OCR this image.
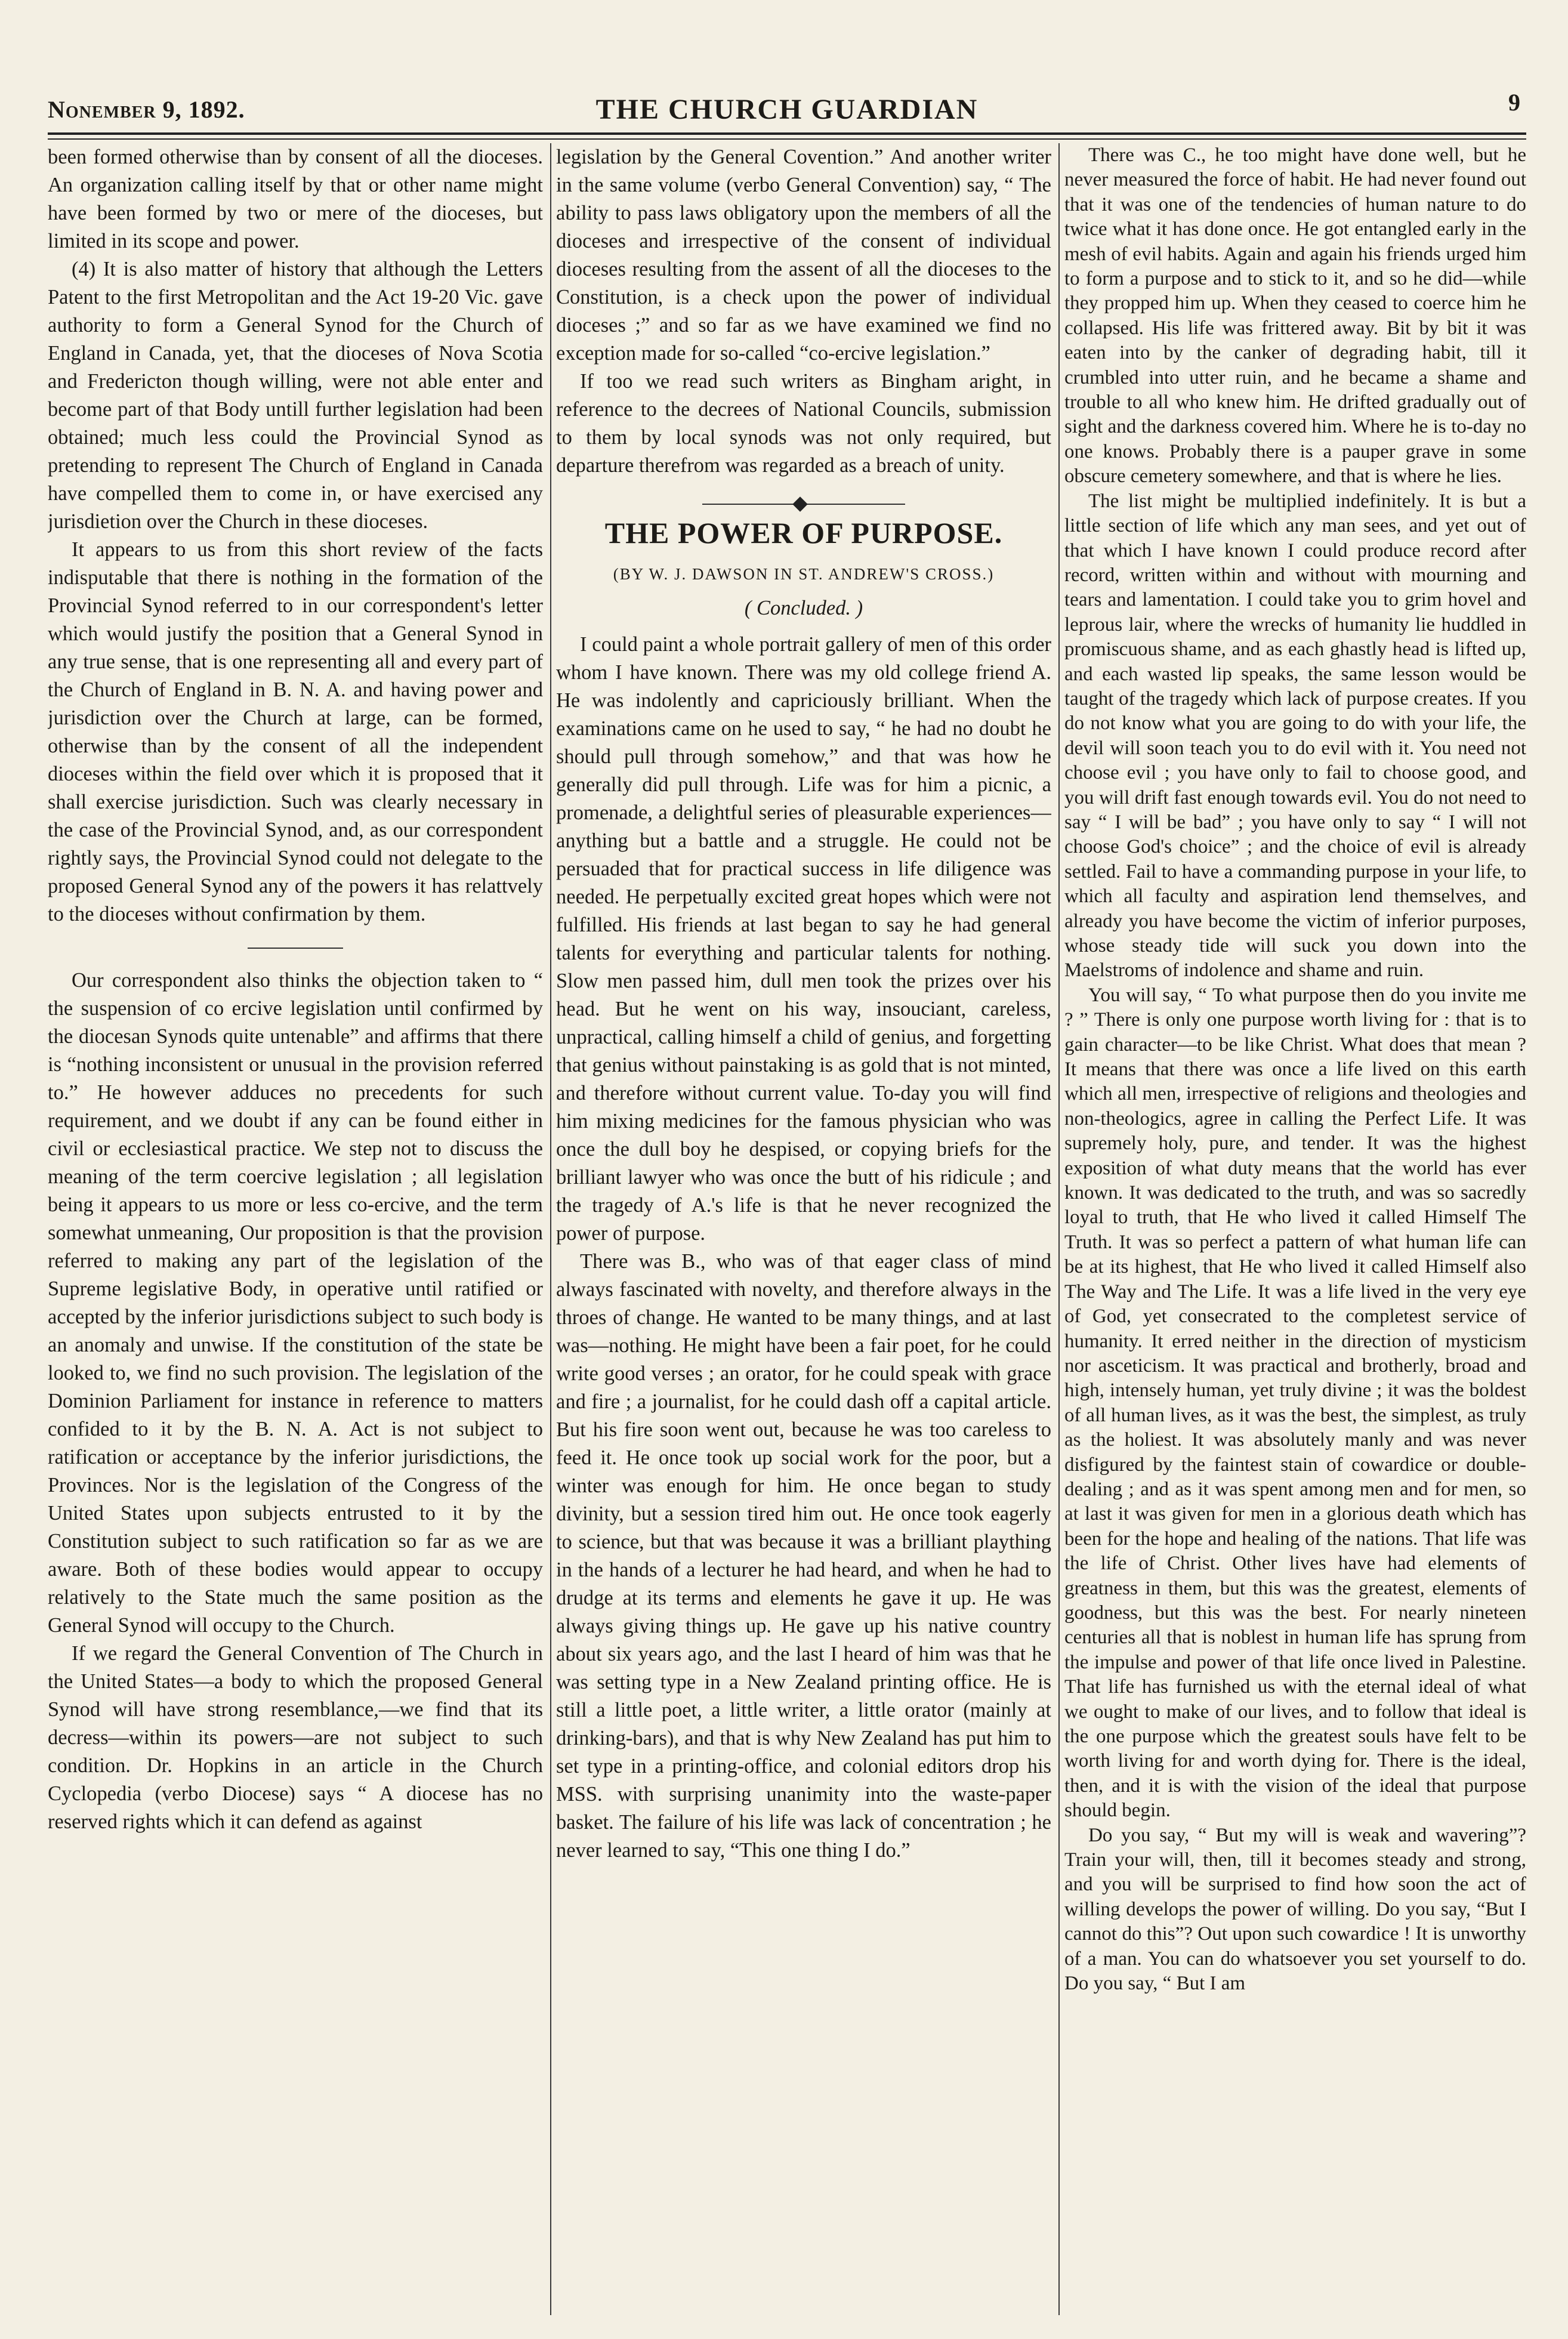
Nonember 9, 1892.	THE CHURCH GUARDIAN	9

been formed otherwise than by consent of all the dioceses. An organization calling itself by that or other name might have been formed by two or mere of the dioceses, but limited in its scope and power.

(4) It is also matter of history that although the Letters Patent to the first Metropolitan and the Act 19-20 Vic. gave authority to form a General Synod for the Church of England in Canada, yet, that the dioceses of Nova Scotia and Fredericton though willing, were not able enter and become part of that Body untill further legislation had been obtained; much less could the Provincial Synod as pretending to represent The Church of England in Canada have compelled them to come in, or have exercised any jurisdietion over the Church in these dioceses.

It appears to us from this short review of the facts indisputable that there is nothing in the formation of the Provincial Synod referred to in our correspondent's letter which would justify the position that a General Synod in any true sense, that is one representing all and every part of the Church of England in B. N. A. and having power and jurisdiction over the Church at large, can be formed, otherwise than by the consent of all the independent dioceses within the field over which it is proposed that it shall exercise jurisdiction. Such was clearly necessary in the case of the Provincial Synod, and, as our correspondent rightly says, the Provincial Synod could not delegate to the proposed General Synod any of the powers it has relattvely to the dioceses without confirmation by them.

Our correspondent also thinks the objection taken to “ the suspension of co ercive legislation until confirmed by the diocesan Synods quite untenable” and affirms that there is “nothing inconsistent or unusual in the provision referred to.” He however adduces no precedents for such requirement, and we doubt if any can be found either in civil or ecclesiastical practice. We step not to discuss the meaning of the term coercive legislation ; all legislation being it appears to us more or less co-ercive, and the term somewhat unmeaning, Our proposition is that the provision referred to making any part of the legislation of the Supreme legislative Body, in operative until ratified or accepted by the inferior jurisdictions subject to such body is an anomaly and unwise. If the constitution of the state be looked to, we find no such provision. The legislation of the Dominion Parliament for instance in reference to matters confided to it by the B. N. A. Act is not subject to ratification or acceptance by the inferior jurisdictions, the Provinces. Nor is the legislation of the Congress of the United States upon subjects entrusted to it by the Constitution subject to such ratification so far as we are aware. Both of these bodies would appear to occupy relatively to the State much the same position as the General Synod will occupy to the Church.

If we regard the General Convention of The Church in the United States—a body to which the proposed General Synod will have strong resemblance,—we find that its decress—within its powers—are not subject to such condition. Dr. Hopkins in an article in the Church Cyclopedia (verbo Diocese) says “ A diocese has no reserved rights which it can defend as against

legislation by the General Covention.” And another writer in the same volume (verbo General Convention) say, “ The ability to pass laws obligatory upon the members of all the dioceses and irrespective of the consent of individual dioceses resulting from the assent of all the dioceses to the Constitution, is a check upon the power of individual dioceses ;” and so far as we have examined we find no exception made for so-called “co-ercive legislation.”

If too we read such writers as Bingham aright, in reference to the decrees of National Councils, submission to them by local synods was not only required, but departure therefrom was regarded as a breach of unity.

THE POWER OF PURPOSE.
(BY W. J. DAWSON IN ST. ANDREW'S CROSS.)
( Concluded. )

I could paint a whole portrait gallery of men of this order whom I have known. There was my old college friend A. He was indolently and capriciously brilliant. When the examinations came on he used to say, “ he had no doubt he should pull through somehow,” and that was how he generally did pull through. Life was for him a picnic, a promenade, a delightful series of pleasurable experiences—anything but a battle and a struggle. He could not be persuaded that for practical success in life diligence was needed. He perpetually excited great hopes which were not fulfilled. His friends at last began to say he had general talents for everything and particular talents for nothing. Slow men passed him, dull men took the prizes over his head. But he went on his way, insouciant, careless, unpractical, calling himself a child of genius, and forgetting that genius without painstaking is as gold that is not minted, and therefore without current value. To-day you will find him mixing medicines for the famous physician who was once the dull boy he despised, or copying briefs for the brilliant lawyer who was once the butt of his ridicule ; and the tragedy of A.'s life is that he never recognized the power of purpose.

There was B., who was of that eager class of mind always fascinated with novelty, and therefore always in the throes of change. He wanted to be many things, and at last was—nothing. He might have been a fair poet, for he could write good verses ; an orator, for he could speak with grace and fire ; a journalist, for he could dash off a capital article. But his fire soon went out, because he was too careless to feed it. He once took up social work for the poor, but a winter was enough for him. He once began to study divinity, but a session tired him out. He once took eagerly to science, but that was because it was a brilliant plaything in the hands of a lecturer he had heard, and when he had to drudge at its terms and elements he gave it up. He was always giving things up. He gave up his native country about six years ago, and the last I heard of him was that he was setting type in a New Zealand printing office. He is still a little poet, a little writer, a little orator (mainly at drinking-bars), and that is why New Zealand has put him to set type in a printing-office, and colonial editors drop his MSS. with surprising unanimity into the waste-paper basket. The failure of his life was lack of concentration ; he never learned to say, “This one thing I do.”

There was C., he too might have done well, but he never measured the force of habit. He had never found out that it was one of the tendencies of human nature to do twice what it has done once. He got entangled early in the mesh of evil habits. Again and again his friends urged him to form a purpose and to stick to it, and so he did—while they propped him up. When they ceased to coerce him he collapsed. His life was frittered away. Bit by bit it was eaten into by the canker of degrading habit, till it crumbled into utter ruin, and he became a shame and trouble to all who knew him. He drifted gradually out of sight and the darkness covered him. Where he is to-day no one knows. Probably there is a pauper grave in some obscure cemetery somewhere, and that is where he lies.

The list might be multiplied indefinitely. It is but a little section of life which any man sees, and yet out of that which I have known I could produce record after record, written within and without with mourning and tears and lamentation. I could take you to grim hovel and leprous lair, where the wrecks of humanity lie huddled in promiscuous shame, and as each ghastly head is lifted up, and each wasted lip speaks, the same lesson would be taught of the tragedy which lack of purpose creates. If you do not know what you are going to do with your life, the devil will soon teach you to do evil with it. You need not choose evil ; you have only to fail to choose good, and you will drift fast enough towards evil. You do not need to say “ I will be bad” ; you have only to say “ I will not choose God's choice” ; and the choice of evil is already settled. Fail to have a commanding purpose in your life, to which all faculty and aspiration lend themselves, and already you have become the victim of inferior purposes, whose steady tide will suck you down into the Maelstroms of indolence and shame and ruin.

You will say, “ To what purpose then do you invite me ? ” There is only one purpose worth living for : that is to gain character—to be like Christ. What does that mean ? It means that there was once a life lived on this earth which all men, irrespective of religions and theologies and non-theologics, agree in calling the Perfect Life. It was supremely holy, pure, and tender. It was the highest exposition of what duty means that the world has ever known. It was dedicated to the truth, and was so sacredly loyal to truth, that He who lived it called Himself The Truth. It was so perfect a pattern of what human life can be at its highest, that He who lived it called Himself also The Way and The Life. It was a life lived in the very eye of God, yet consecrated to the completest service of humanity. It erred neither in the direction of mysticism nor asceticism. It was practical and brotherly, broad and high, intensely human, yet truly divine ; it was the boldest of all human lives, as it was the best, the simplest, as truly as the holiest. It was absolutely manly and was never disfigured by the faintest stain of cowardice or double-dealing ; and as it was spent among men and for men, so at last it was given for men in a glorious death which has been for the hope and healing of the nations. That life was the life of Christ. Other lives have had elements of greatness in them, but this was the greatest, elements of goodness, but this was the best. For nearly nineteen centuries all that is noblest in human life has sprung from the impulse and power of that life once lived in Palestine. That life has furnished us with the eternal ideal of what we ought to make of our lives, and to follow that ideal is the one purpose which the greatest souls have felt to be worth living for and worth dying for. There is the ideal, then, and it is with the vision of the ideal that purpose should begin.

Do you say, “ But my will is weak and wavering”? Train your will, then, till it becomes steady and strong, and you will be surprised to find how soon the act of willing develops the power of willing. Do you say, “But I cannot do this”? Out upon such cowardice ! It is unworthy of a man. You can do whatsoever you set yourself to do. Do you say, “ But I am
